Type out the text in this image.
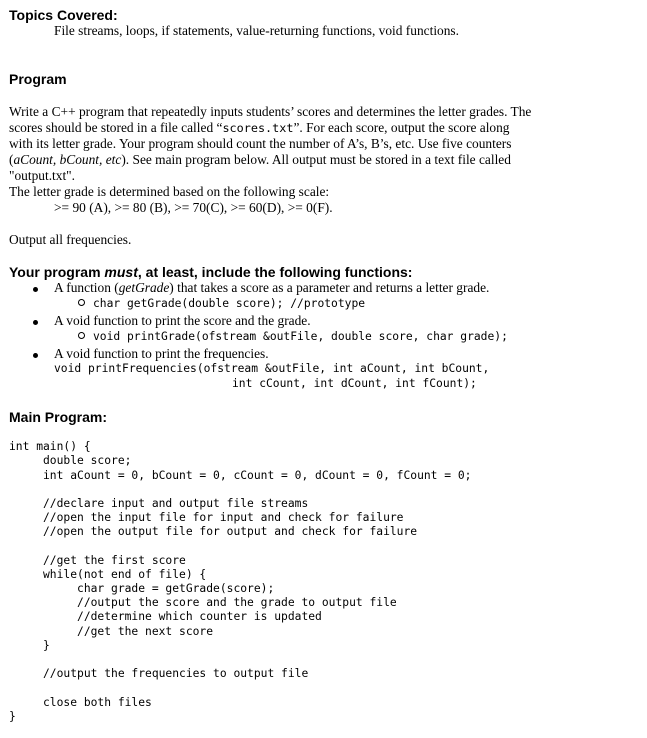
Topics Covered:
File streams, loops, if statements, value-returning functions, void functions.
Program

Write a C++ program that repeatedly inputs students’ scores and determines the letter grades. The
scores should be stored in a file called “scores.txt”. For each score, output the score along
with its letter grade. Your program should count the number of A’s, B’s, etc. Use five counters
(aCount, bCount, etc). See main program below. All output must be stored in a text file called
"output.txt".
The letter grade is determined based on the following scale:
>= 90 (A), >= 80 (B), >= 70(C), >= 60(D), >= 0(F).
Output all frequencies.
Your program must, at least, include the following functions:
A function (getGrade) that takes a score as a parameter and returns a letter grade.
char getGrade(double score); //prototype
A void function to print the score and the grade.
void printGrade(ofstream &outFile, double score, char grade);
A void function to print the frequencies.
void printFrequencies(ofstream &outFile, int aCount, int bCount,
int cCount, int dCount, int fCount);
Main Program:

int main() {
double score;
int aCount = 0, bCount = 0, cCount = 0, dCount = 0, fCount = 0;
//declare input and output file streams
//open the input file for input and check for failure
//open the output file for output and check for failure
//get the first score
while(not end of file) {
char grade = getGrade(score);
//output the score and the grade to output file
//determine which counter is updated
//get the next score
}
//output the frequencies to output file
close both files
}
